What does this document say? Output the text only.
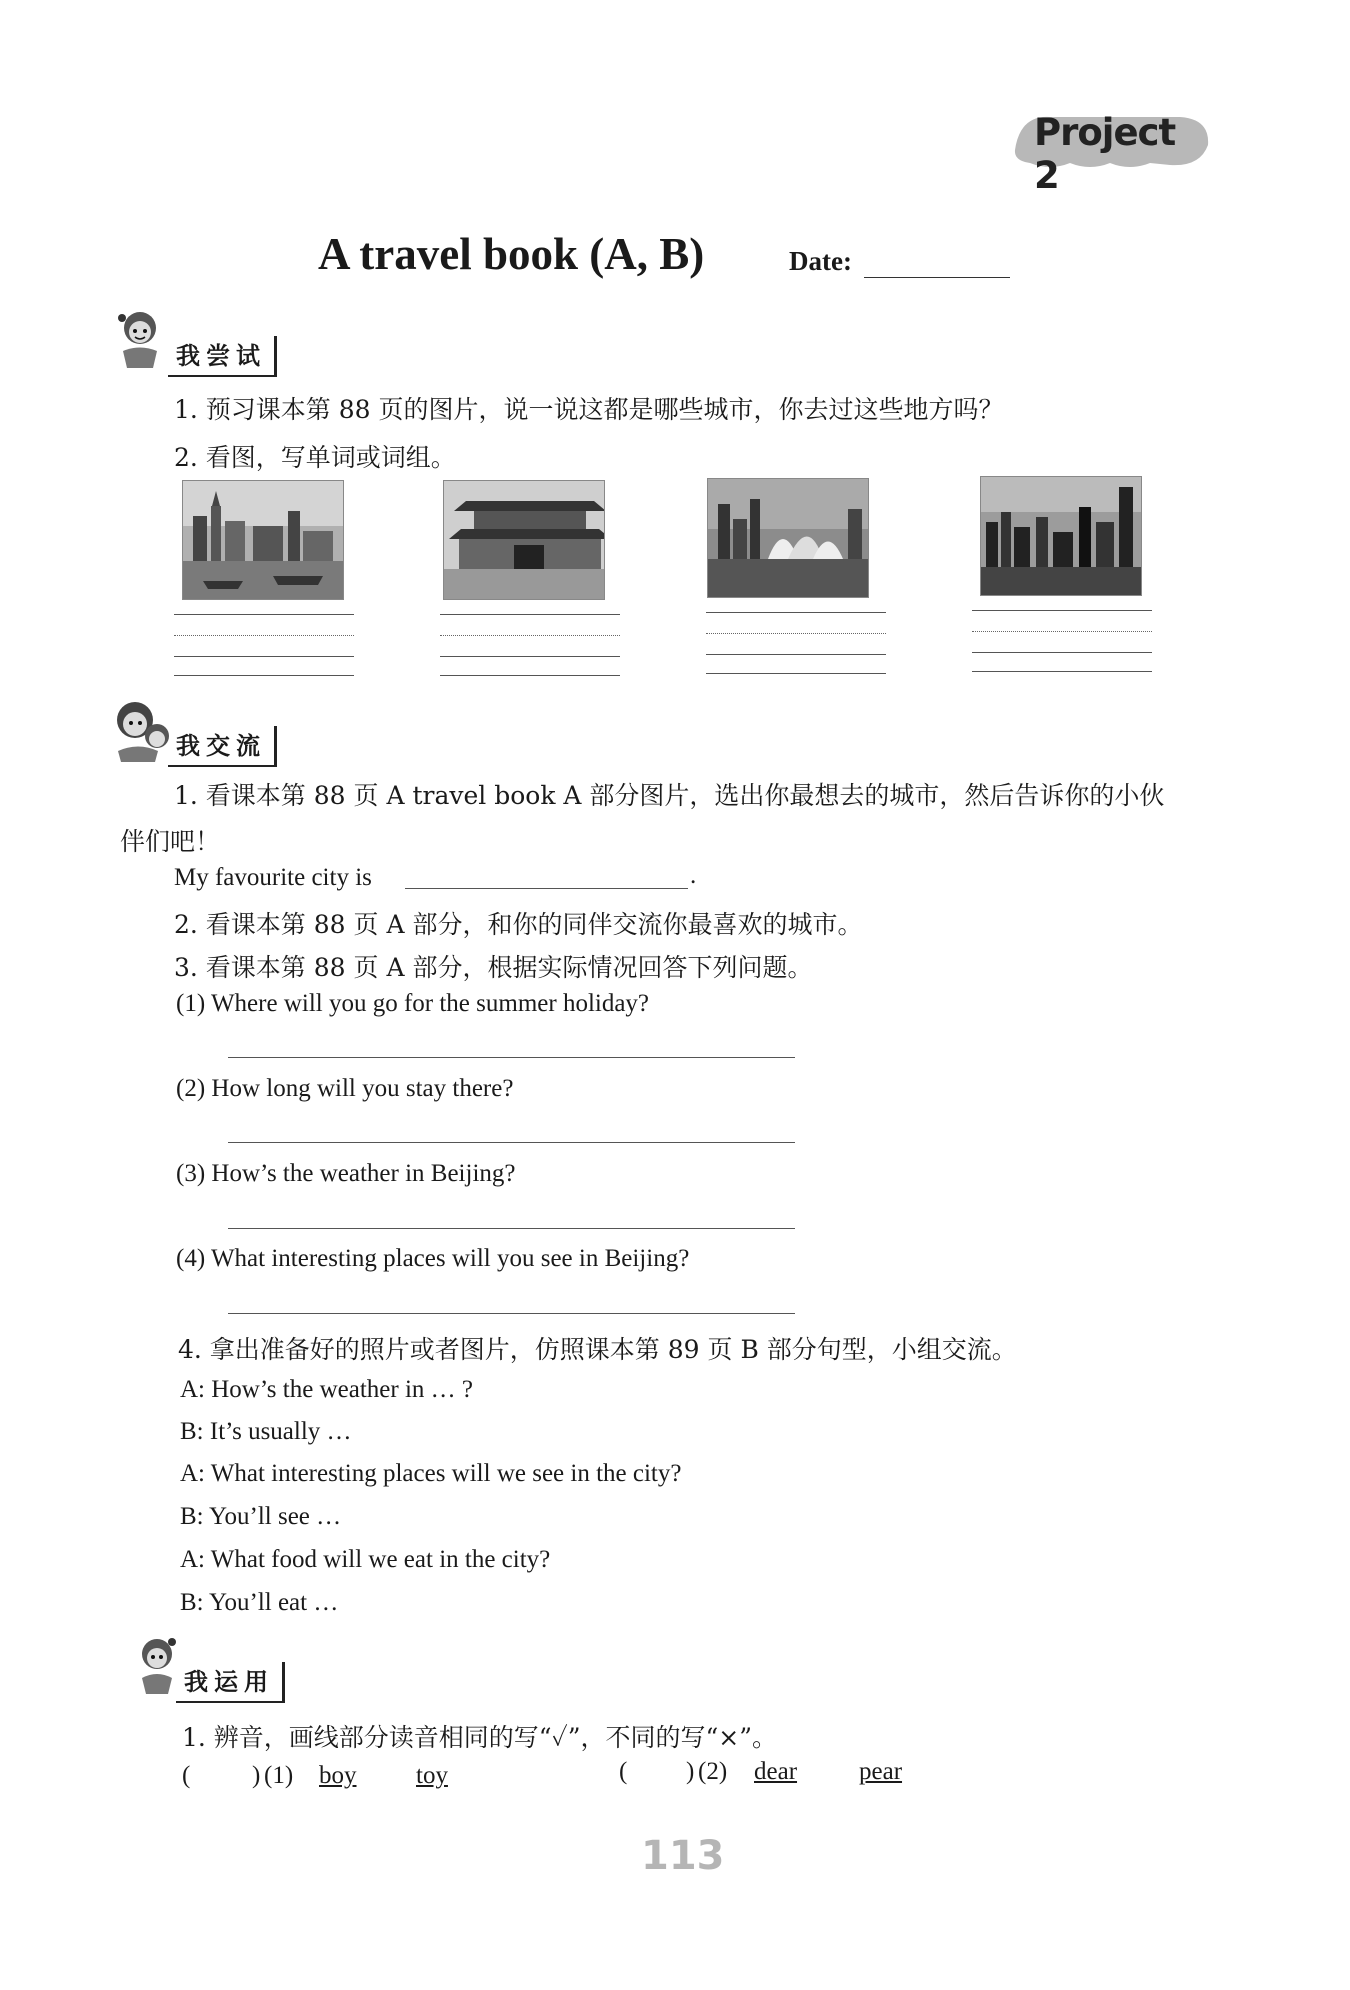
Project 2
A travel book (A, B)	Date:
我尝试
1. 预习课本第 88 页的图片，说一说这都是哪些城市，你去过这些地方吗？
2. 看图，写单词或词组。
我交流
1. 看课本第 88 页 A travel book A 部分图片，选出你最想去的城市，然后告诉你的小伙
伴们吧！
My favourite city is	.
2. 看课本第 88 页 A 部分，和你的同伴交流你最喜欢的城市。
3. 看课本第 88 页 A 部分，根据实际情况回答下列问题。
(1) Where will you go for the summer holiday?
(2) How long will you stay there?
(3) How’s the weather in Beijing?
(4) What interesting places will you see in Beijing?
4. 拿出准备好的照片或者图片，仿照课本第 89 页 B 部分句型，小组交流。
A: How’s the weather in … ?
B: It’s usually …
A: What interesting places will we see in the city?
B: You’ll see …
A: What food will we eat in the city?
B: You’ll eat …
我运用
1. 辨音，画线部分读音相同的写“✓”，不同的写“×”。
( ) (1) boy toy	( ) (2) dear pear
113
